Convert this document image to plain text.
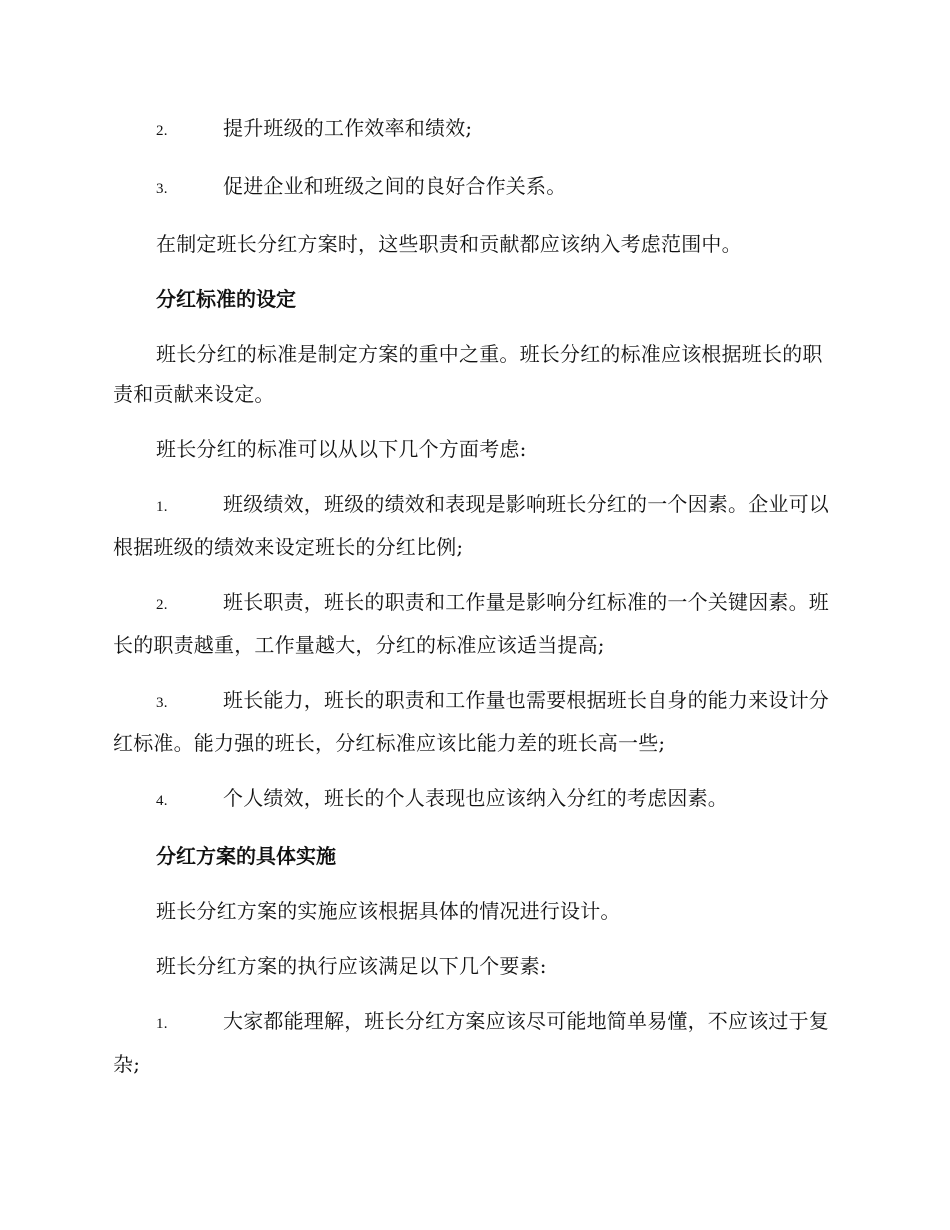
2.	提升班级的工作效率和绩效;

3.	促进企业和班级之间的良好合作关系。

在制定班长分红方案时，这些职责和贡献都应该纳入考虑范围中。

分红标准的设定

班长分红的标准是制定方案的重中之重。班长分红的标准应该根据班长的职责和贡献来设定。

班长分红的标准可以从以下几个方面考虑:

1.	班级绩效，班级的绩效和表现是影响班长分红的一个因素。企业可以根据班级的绩效来设定班长的分红比例;

2.	班长职责，班长的职责和工作量是影响分红标准的一个关键因素。班长的职责越重，工作量越大，分红的标准应该适当提高;

3.	班长能力，班长的职责和工作量也需要根据班长自身的能力来设计分红标准。能力强的班长，分红标准应该比能力差的班长高一些;

4.	个人绩效，班长的个人表现也应该纳入分红的考虑因素。

分红方案的具体实施

班长分红方案的实施应该根据具体的情况进行设计。

班长分红方案的执行应该满足以下几个要素:

1.	大家都能理解，班长分红方案应该尽可能地简单易懂，不应该过于复杂;
